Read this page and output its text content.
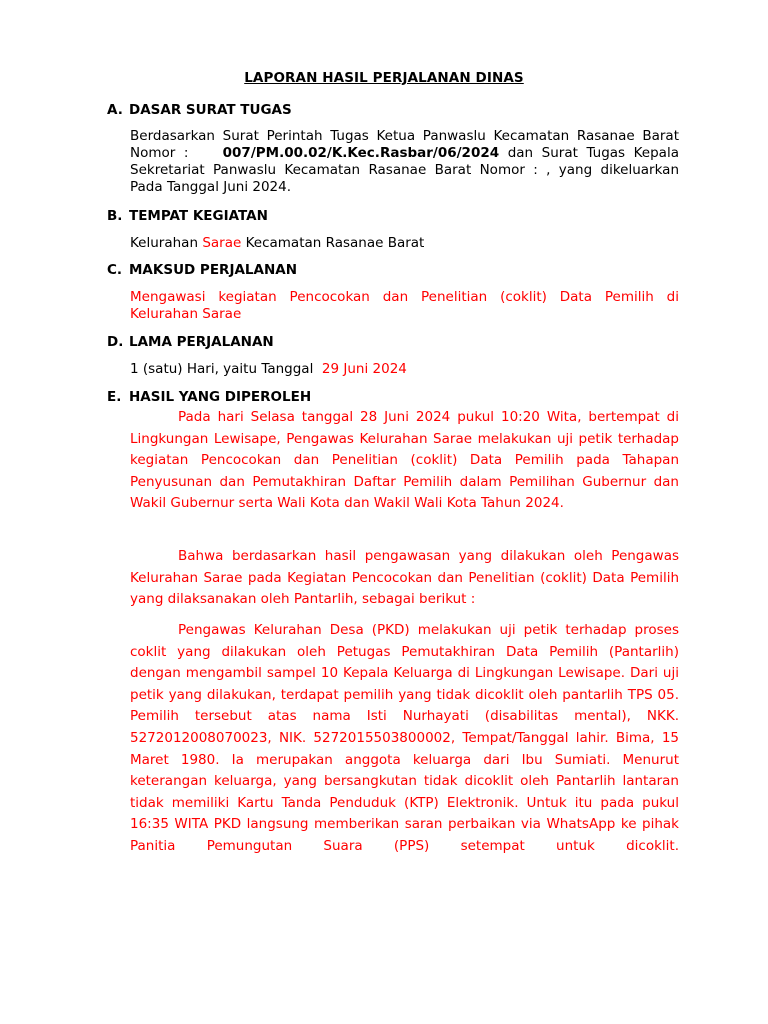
LAPORAN HASIL PERJALANAN DINAS
A. DASAR SURAT TUGAS
Berdasarkan Surat Perintah Tugas Ketua Panwaslu Kecamatan Rasanae Barat Nomor :	007/PM.00.02/K.Kec.Rasbar/06/2024 dan Surat Tugas Kepala Sekretariat Panwaslu Kecamatan Rasanae Barat Nomor : , yang dikeluarkan Pada Tanggal Juni 2024.
B. TEMPAT KEGIATAN
Kelurahan Sarae Kecamatan Rasanae Barat
C. MAKSUD PERJALANAN
Mengawasi kegiatan Pencocokan dan Penelitian (coklit) Data Pemilih di Kelurahan Sarae
D. LAMA PERJALANAN
1 (satu) Hari, yaitu Tanggal 29 Juni 2024
E. HASIL YANG DIPEROLEH
Pada hari Selasa tanggal 28 Juni 2024 pukul 10:20 Wita, bertempat di Lingkungan Lewisape, Pengawas Kelurahan Sarae melakukan uji petik terhadap kegiatan Pencocokan dan Penelitian (coklit) Data Pemilih pada Tahapan Penyusunan dan Pemutakhiran Daftar Pemilih dalam Pemilihan Gubernur dan Wakil Gubernur serta Wali Kota dan Wakil Wali Kota Tahun 2024.
Bahwa berdasarkan hasil pengawasan yang dilakukan oleh Pengawas Kelurahan Sarae pada Kegiatan Pencocokan dan Penelitian (coklit) Data Pemilih yang dilaksanakan oleh Pantarlih, sebagai berikut :
Pengawas Kelurahan Desa (PKD) melakukan uji petik terhadap proses coklit yang dilakukan oleh Petugas Pemutakhiran Data Pemilih (Pantarlih) dengan mengambil sampel 10 Kepala Keluarga di Lingkungan Lewisape. Dari uji petik yang dilakukan, terdapat pemilih yang tidak dicoklit oleh pantarlih TPS 05. Pemilih tersebut atas nama Isti Nurhayati (disabilitas mental), NKK. 5272012008070023, NIK. 5272015503800002, Tempat/Tanggal lahir. Bima, 15 Maret 1980. Ia merupakan anggota keluarga dari Ibu Sumiati. Menurut keterangan keluarga, yang bersangkutan tidak dicoklit oleh Pantarlih lantaran tidak memiliki Kartu Tanda Penduduk (KTP) Elektronik. Untuk itu pada pukul 16:35 WITA PKD langsung memberikan saran perbaikan via WhatsApp ke pihak Panitia Pemungutan Suara (PPS) setempat untuk dicoklit.
